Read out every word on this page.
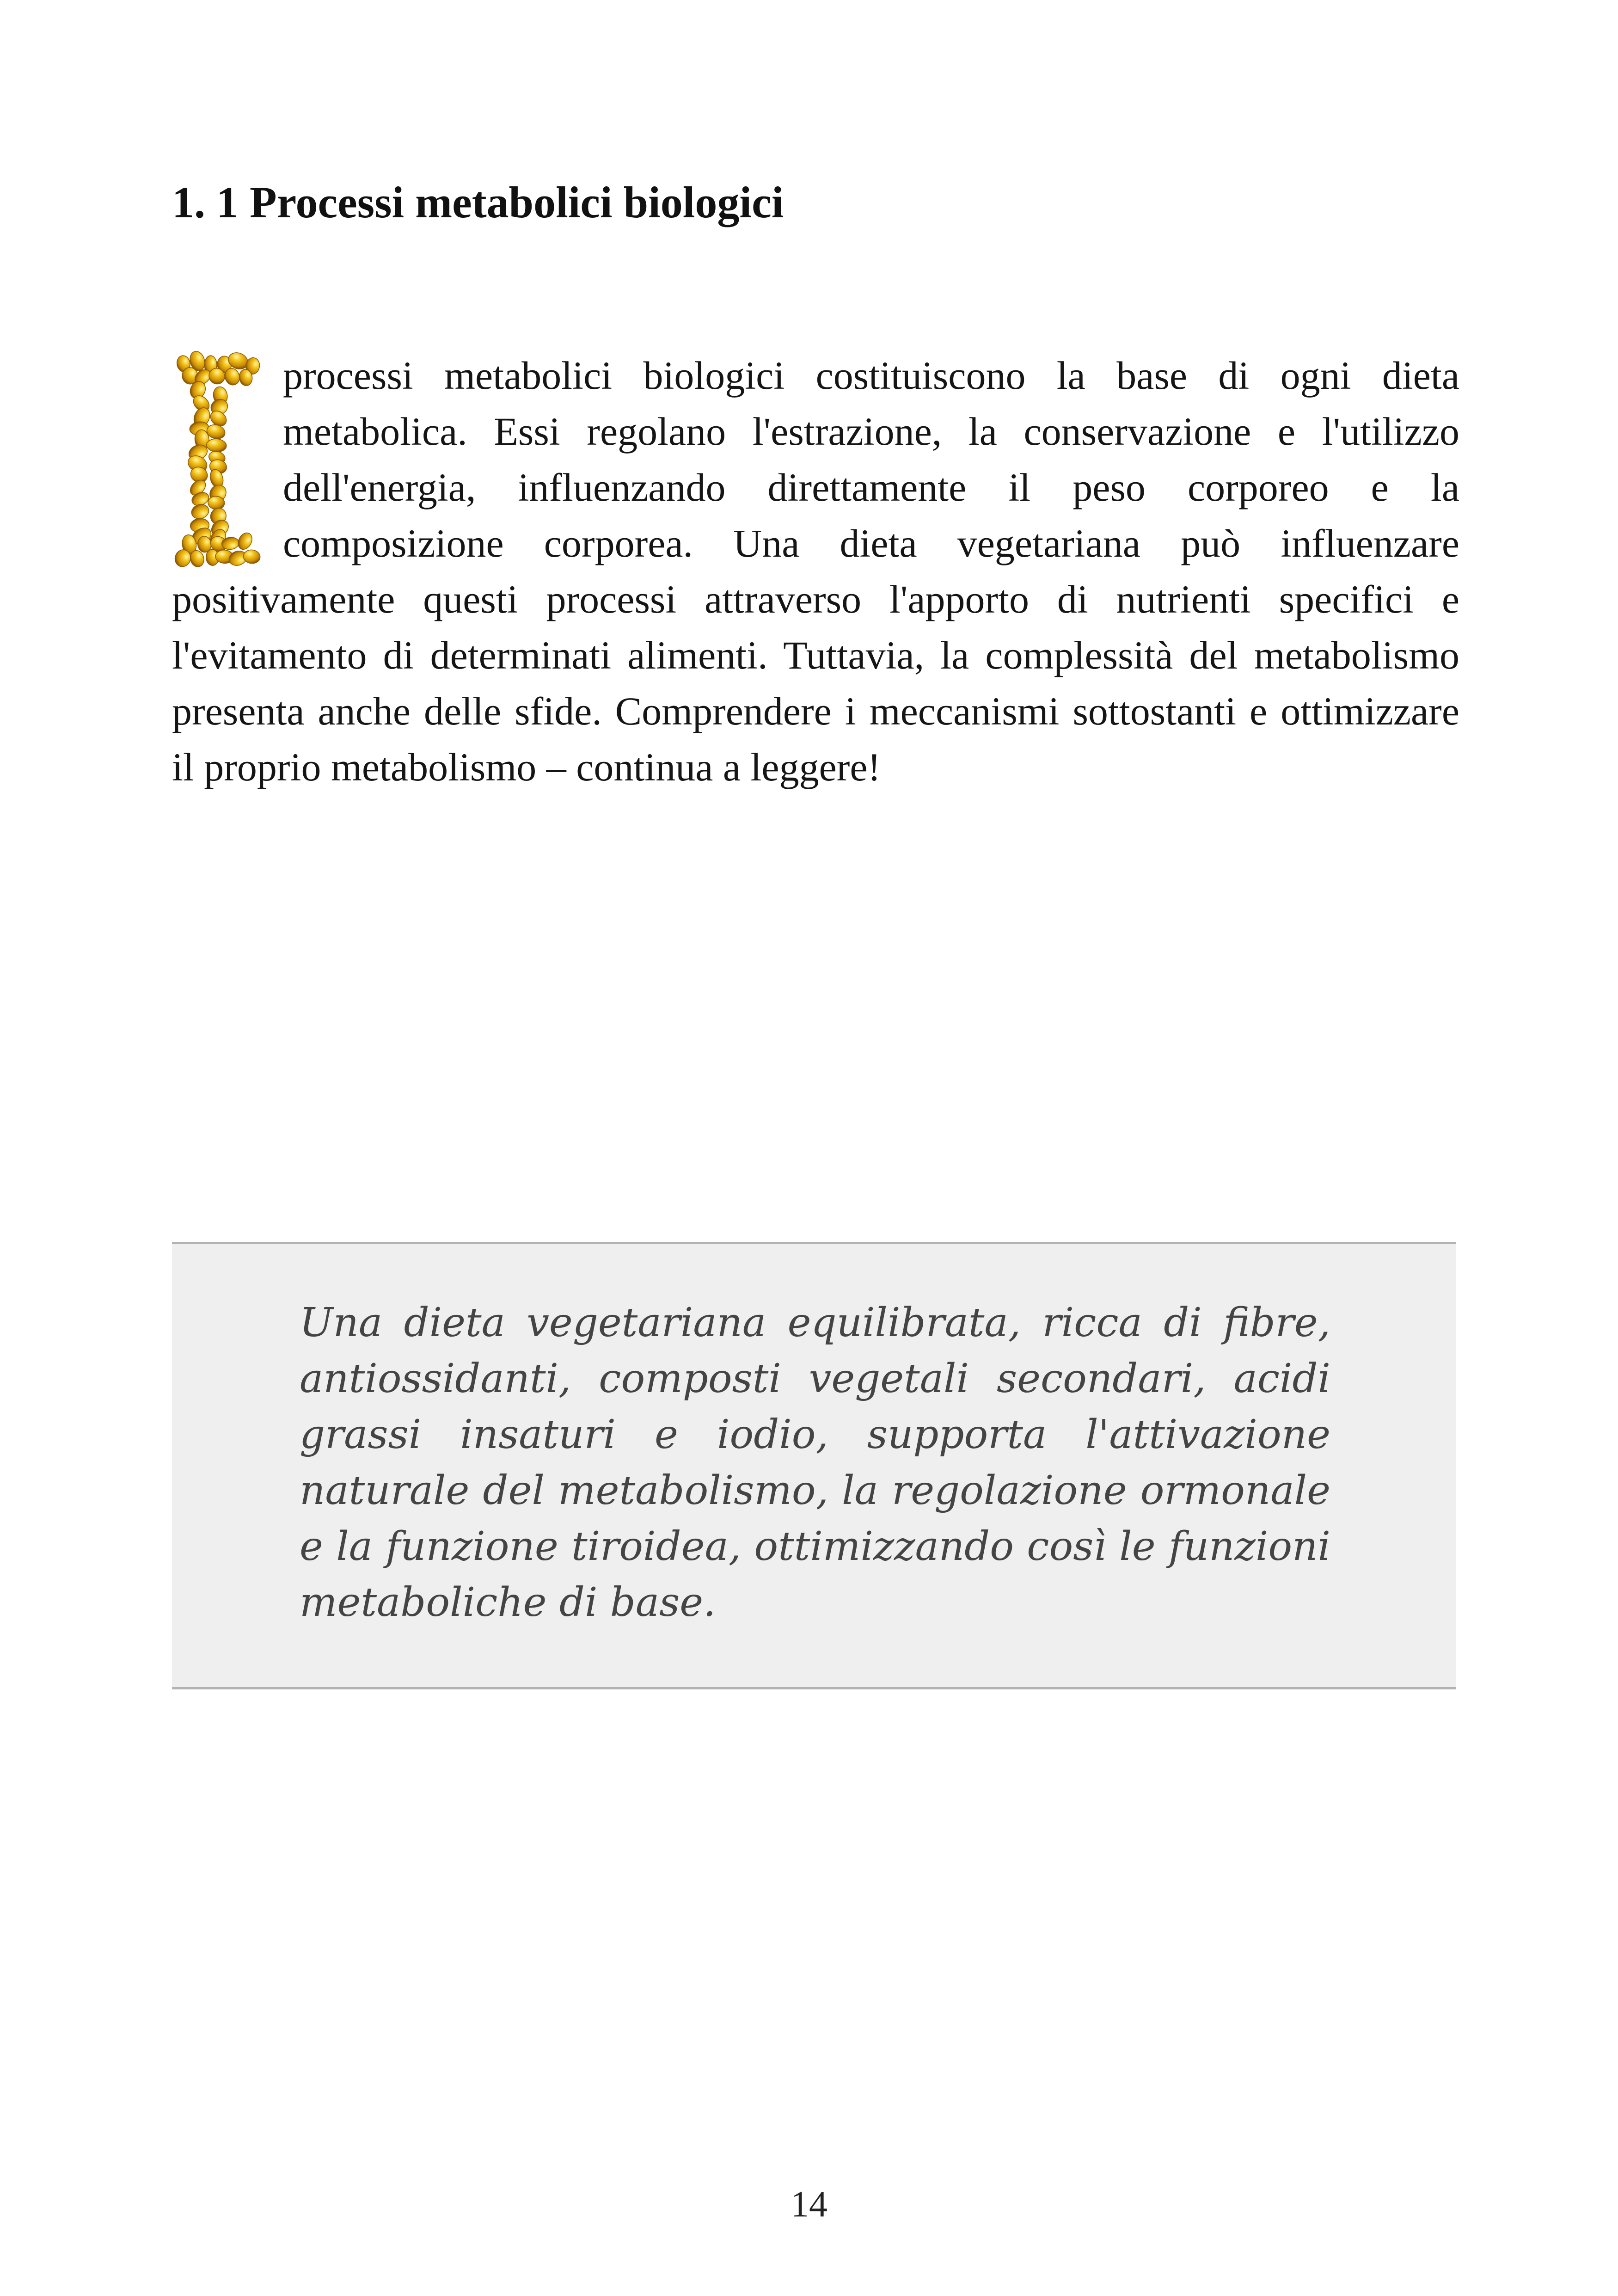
1. 1 Processi metabolici biologici

processi metabolici biologici costituiscono la base di ogni dieta metabolica. Essi regolano l'estrazione, la conservazione e l'utilizzo dell'energia, influenzando direttamente il peso corporeo e la composizione corporea. Una dieta vegetariana può influenzare positivamente questi processi attraverso l'apporto di nutrienti specifici e l'evitamento di determinati alimenti. Tuttavia, la complessità del metabolismo presenta anche delle sfide. Comprendere i meccanismi sottostanti e ottimizzare il proprio metabolismo – continua a leggere!

Una dieta vegetariana equilibrata, ricca di fibre, antiossidanti, composti vegetali secondari, acidi grassi insaturi e iodio, supporta l'attivazione naturale del metabolismo, la regolazione ormonale e la funzione tiroidea, ottimizzando così le funzioni metaboliche di base.

14
